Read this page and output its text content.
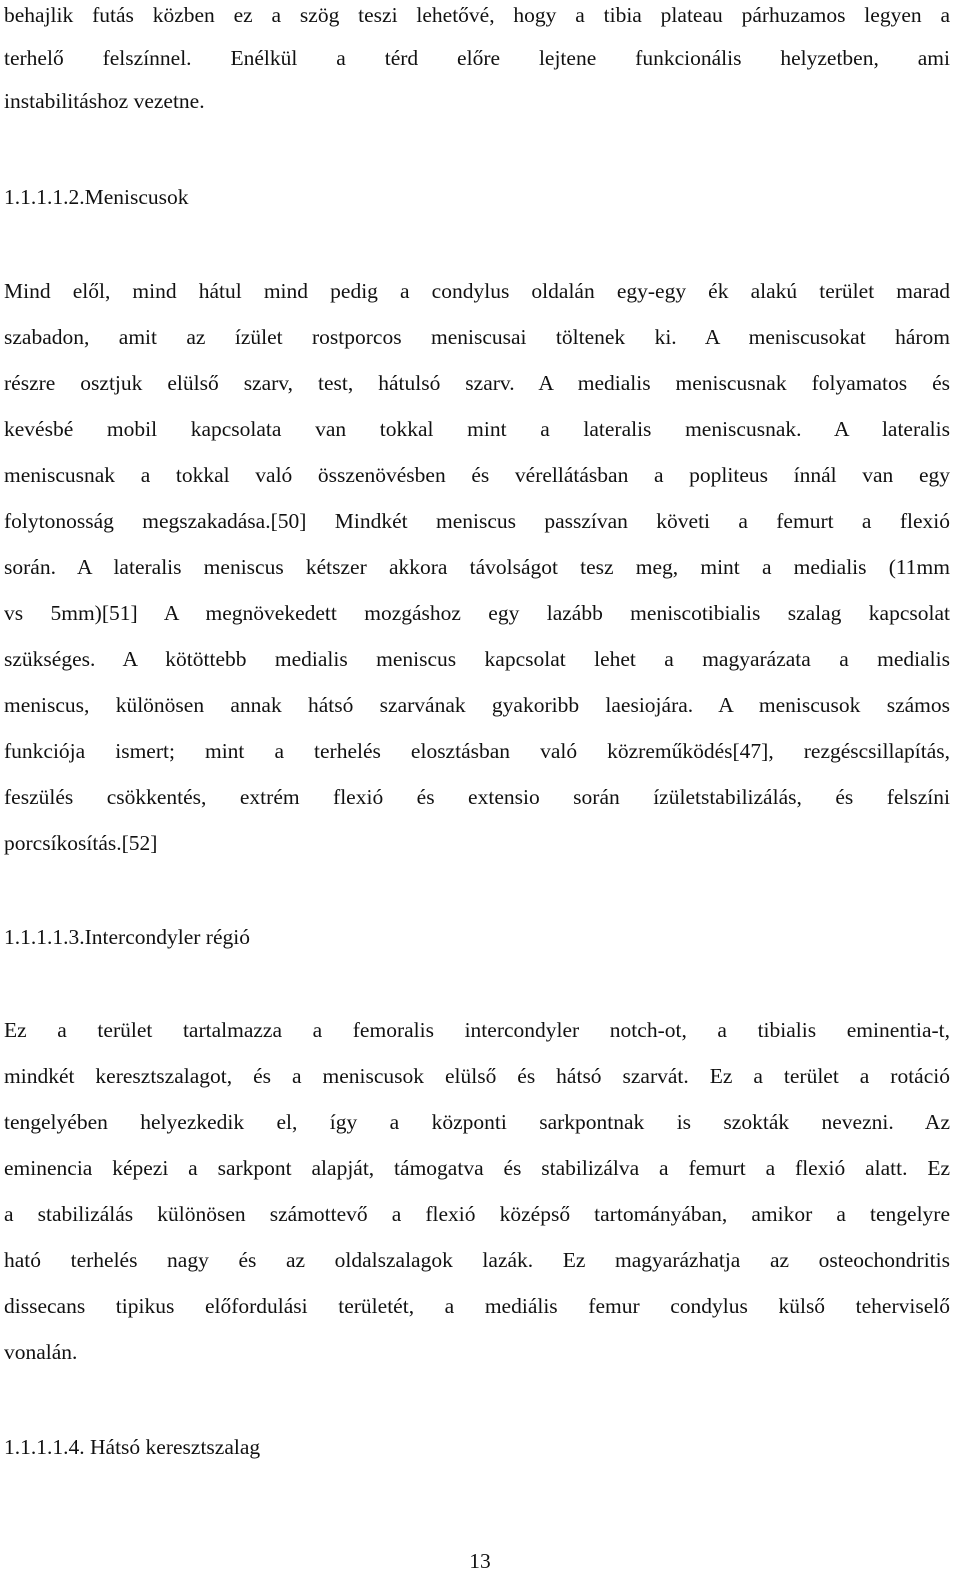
behajlik futás közben ez a szög teszi lehetővé, hogy a tibia plateau párhuzamos legyen a
terhelő felszínnel. Enélkül a térd előre lejtene funkcionális helyzetben, ami
instabilitáshoz vezetne.
1.1.1.1.2.Meniscusok
Mind elől, mind hátul mind pedig a condylus oldalán egy-egy ék alakú terület marad
szabadon, amit az ízület rostporcos meniscusai töltenek ki. A meniscusokat három
részre osztjuk elülső szarv, test, hátulsó szarv. A medialis meniscusnak folyamatos és
kevésbé mobil kapcsolata van tokkal mint a lateralis meniscusnak. A lateralis
meniscusnak a tokkal való összenövésben és vérellátásban a popliteus ínnál van egy
folytonosság megszakadása.[50] Mindkét meniscus passzívan követi a femurt a flexió
során. A lateralis meniscus kétszer akkora távolságot tesz meg, mint a medialis (11mm
vs 5mm)[51] A megnövekedett mozgáshoz egy lazább meniscotibialis szalag kapcsolat
szükséges. A kötöttebb medialis meniscus kapcsolat lehet a magyarázata a medialis
meniscus, különösen annak hátsó szarvának gyakoribb laesiojára. A meniscusok számos
funkciója ismert; mint a terhelés elosztásban való közreműködés[47], rezgéscsillapítás,
feszülés csökkentés, extrém flexió és extensio során ízületstabilizálás, és felszíni
porcsíkosítás.[52]
1.1.1.1.3.Intercondyler régió
Ez a terület tartalmazza a femoralis intercondyler notch-ot, a tibialis eminentia-t,
mindkét keresztszalagot, és a meniscusok elülső és hátsó szarvát. Ez a terület a rotáció
tengelyében helyezkedik el, így a központi sarkpontnak is szokták nevezni. Az
eminencia képezi a sarkpont alapját, támogatva és stabilizálva a femurt a flexió alatt. Ez
a stabilizálás különösen számottevő a flexió középső tartományában, amikor a tengelyre
ható terhelés nagy és az oldalszalagok lazák. Ez magyarázhatja az osteochondritis
dissecans tipikus előfordulási területét, a mediális femur condylus külső teherviselő
vonalán.
1.1.1.1.4. Hátsó keresztszalag
13
